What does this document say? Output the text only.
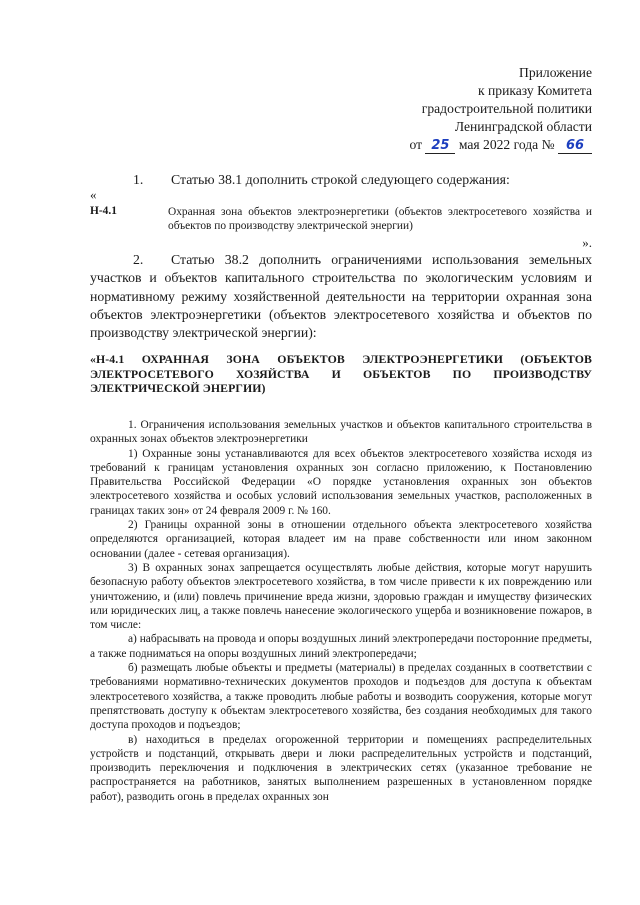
Приложение
к приказу Комитета
градостроительной политики
Ленинградской области
от 25 мая 2022 года № 66
1. Статью 38.1 дополнить строкой следующего содержания:
«
Н-4.1	Охранная зона объектов электроэнергетики (объектов электросетевого хозяйства и объектов по производству электрической энергии)
».
2. Статью 38.2 дополнить ограничениями использования земельных участков и объектов капитального строительства по экологическим условиям и нормативному режиму хозяйственной деятельности на территории охранная зона объектов электроэнергетики (объектов электросетевого хозяйства и объектов по производству электрической энергии):
«Н-4.1 ОХРАННАЯ ЗОНА ОБЪЕКТОВ ЭЛЕКТРОЭНЕРГЕТИКИ (ОБЪЕКТОВ ЭЛЕКТРОСЕТЕВОГО ХОЗЯЙСТВА И ОБЪЕКТОВ ПО ПРОИЗВОДСТВУ ЭЛЕКТРИЧЕСКОЙ ЭНЕРГИИ)

1. Ограничения использования земельных участков и объектов капитального строительства в охранных зонах объектов электроэнергетики

1) Охранные зоны устанавливаются для всех объектов электросетевого хозяйства исходя из требований к границам установления охранных зон согласно приложению, к Постановлению Правительства Российской Федерации «О порядке установления охранных зон объектов электросетевого хозяйства и особых условий использования земельных участков, расположенных в границах таких зон» от 24 февраля 2009 г. № 160.

2) Границы охранной зоны в отношении отдельного объекта электросетевого хозяйства определяются организацией, которая владеет им на праве собственности или ином законном основании (далее - сетевая организация).

3) В охранных зонах запрещается осуществлять любые действия, которые могут нарушить безопасную работу объектов электросетевого хозяйства, в том числе привести к их повреждению или уничтожению, и (или) повлечь причинение вреда жизни, здоровью граждан и имуществу физических или юридических лиц, а также повлечь нанесение экологического ущерба и возникновение пожаров, в том числе:

а) набрасывать на провода и опоры воздушных линий электропередачи посторонние предметы, а также подниматься на опоры воздушных линий электропередачи;

б) размещать любые объекты и предметы (материалы) в пределах созданных в соответствии с требованиями нормативно-технических документов проходов и подъездов для доступа к объектам электросетевого хозяйства, а также проводить любые работы и возводить сооружения, которые могут препятствовать доступу к объектам электросетевого хозяйства, без создания необходимых для такого доступа проходов и подъездов;

в) находиться в пределах огороженной территории и помещениях распределительных устройств и подстанций, открывать двери и люки распределительных устройств и подстанций, производить переключения и подключения в электрических сетях (указанное требование не распространяется на работников, занятых выполнением разрешенных в установленном порядке работ), разводить огонь в пределах охранных зон
